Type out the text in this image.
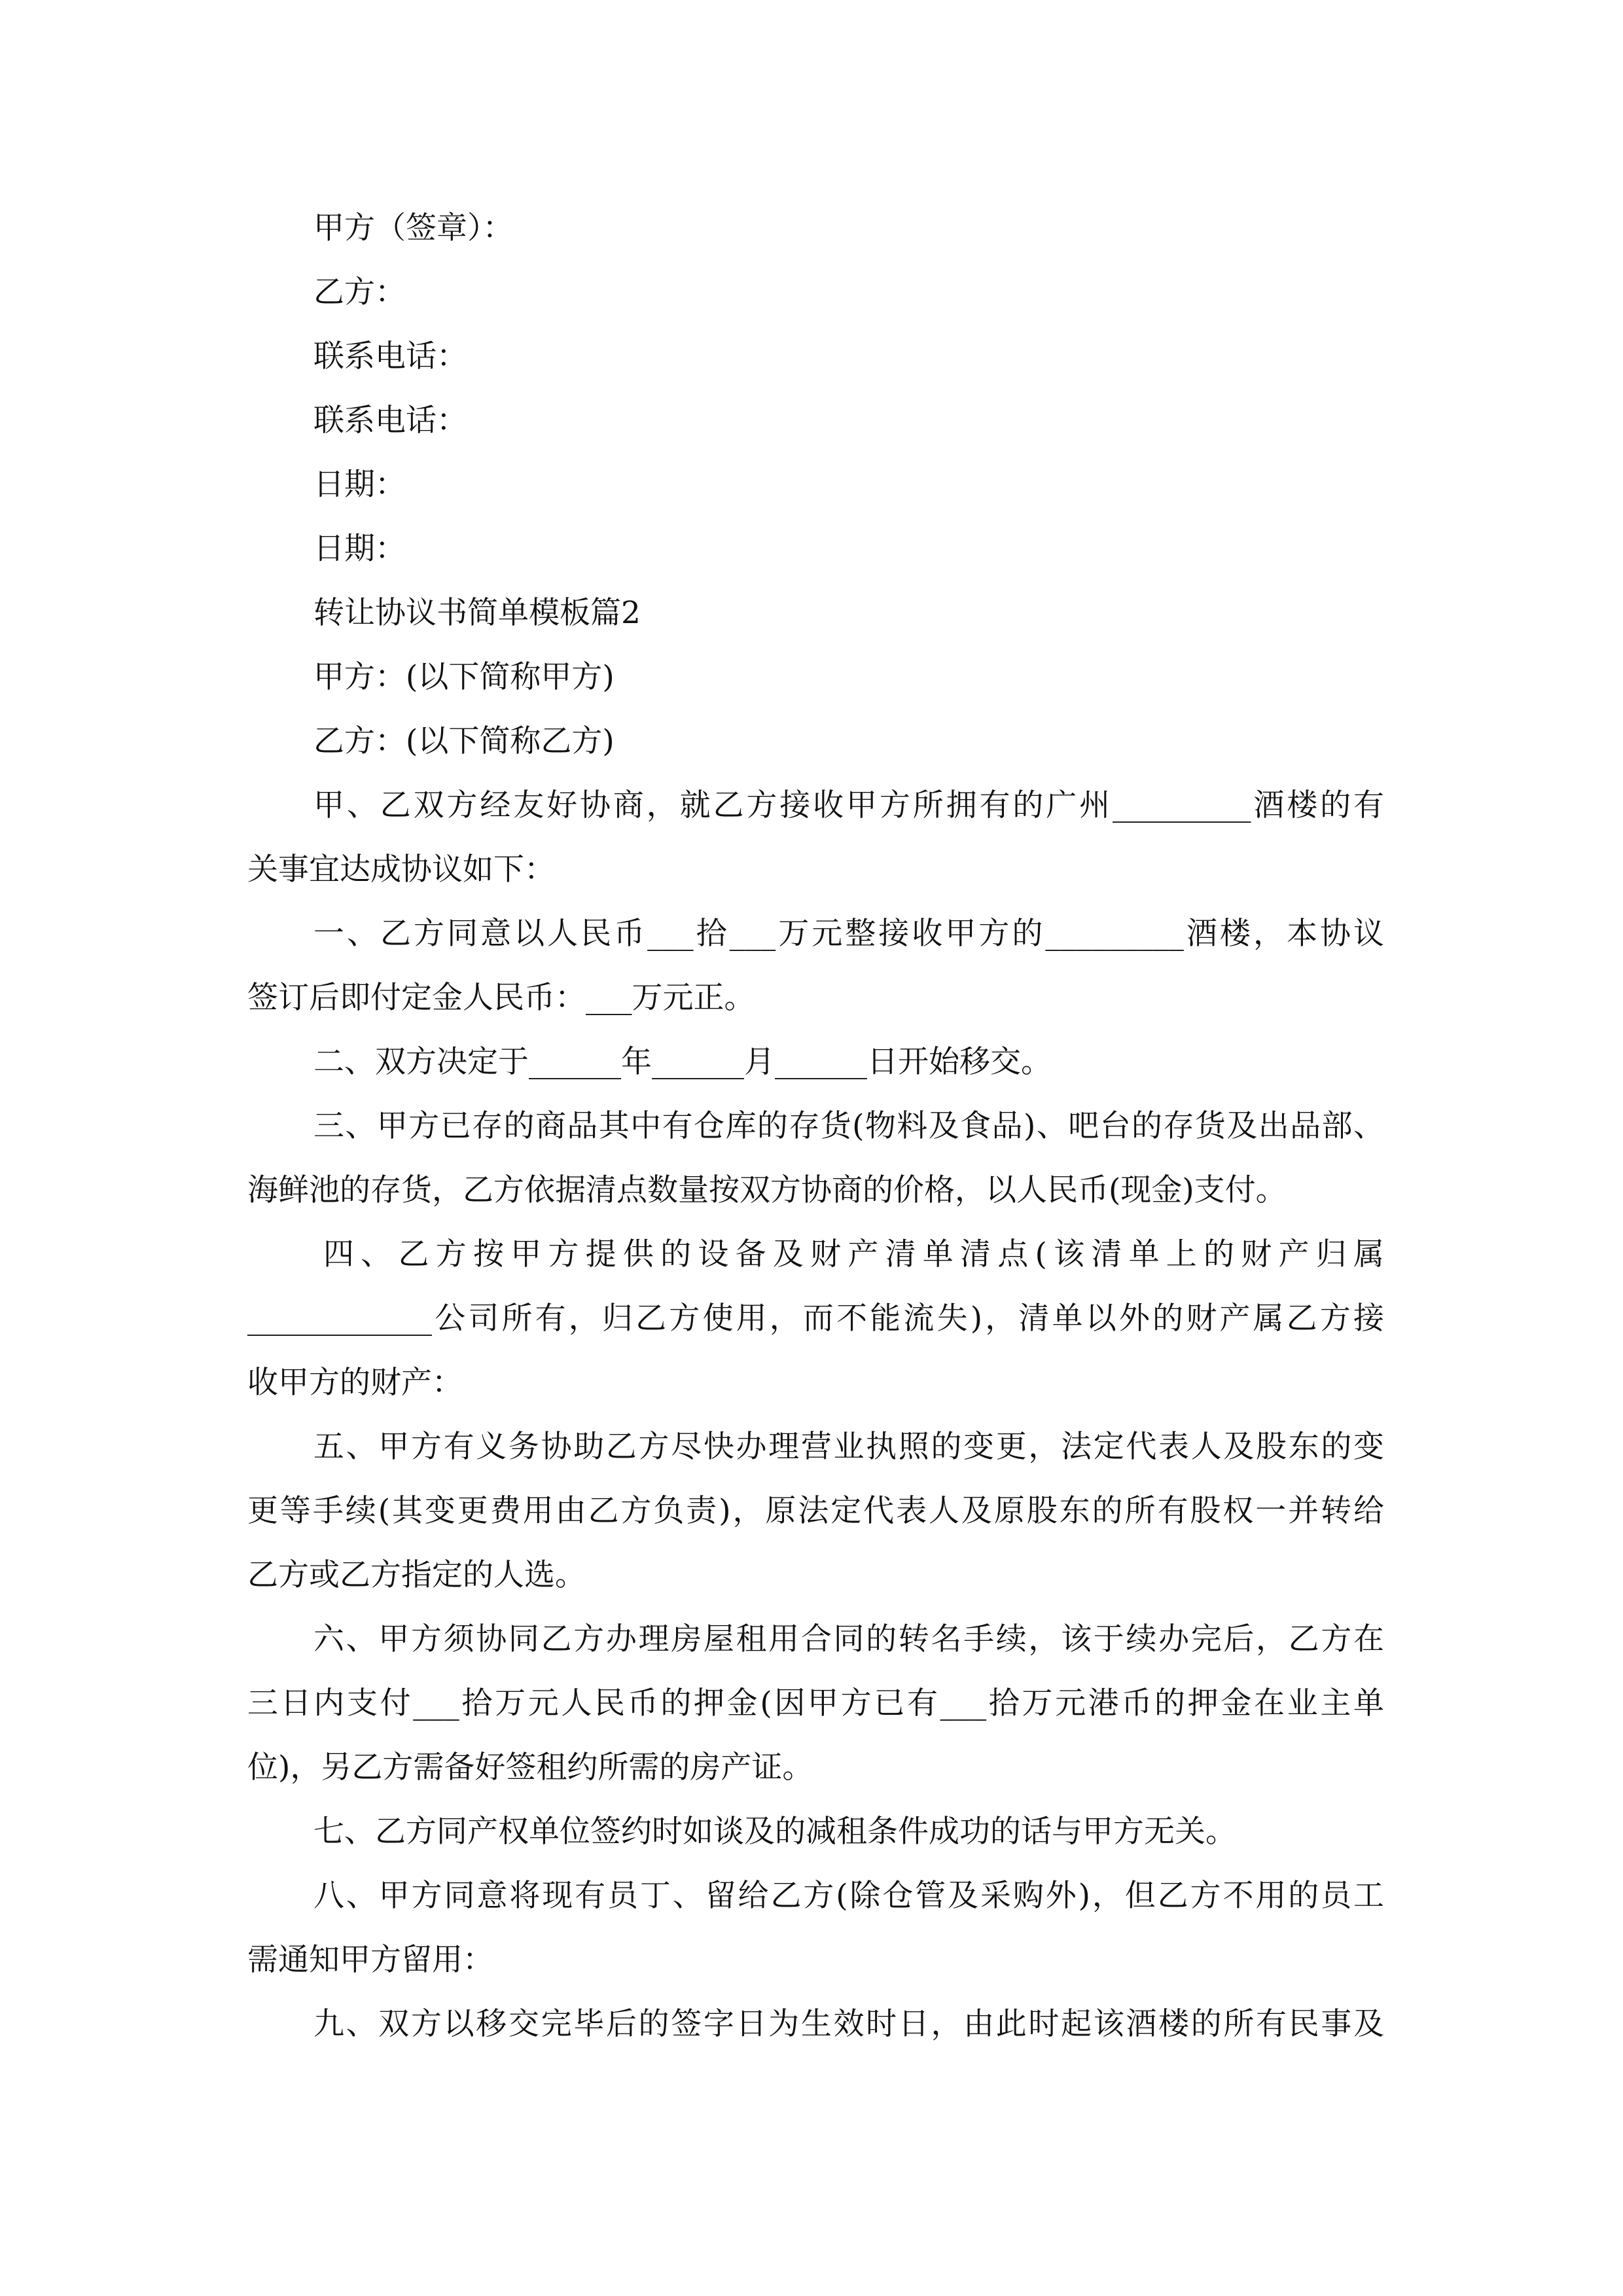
甲方（签章）：
乙方：
联系电话：
联系电话：
日期：
日期：
转让协议书简单模板篇2
甲方：(以下简称甲方)
乙方：(以下简称乙方)
甲、乙双方经友好协商，就乙方接收甲方所拥有的广州_________酒楼的有
关事宜达成协议如下：
一、乙方同意以人民币___拾___万元整接收甲方的_________酒楼，本协议
签订后即付定金人民币：___万元正。
二、双方决定于______年______月______日开始移交。
三、甲方已存的商品其中有仓库的存货(物料及食品)、吧台的存货及出品部、
海鲜池的存货，乙方依据清点数量按双方协商的价格，以人民币(现金)支付。
四、乙方按甲方提供的设备及财产清单清点(该清单上的财产归属
____________公司所有，归乙方使用，而不能流失)，清单以外的财产属乙方接
收甲方的财产：
五、甲方有义务协助乙方尽快办理营业执照的变更，法定代表人及股东的变
更等手续(其变更费用由乙方负责)，原法定代表人及原股东的所有股权一并转给
乙方或乙方指定的人选。
六、甲方须协同乙方办理房屋租用合同的转名手续，该于续办完后，乙方在
三日内支付___拾万元人民币的押金(因甲方已有___拾万元港币的押金在业主单
位)，另乙方需备好签租约所需的房产证。
七、乙方同产权单位签约时如谈及的减租条件成功的话与甲方无关。
八、甲方同意将现有员丁、留给乙方(除仓管及采购外)，但乙方不用的员工
需通知甲方留用：
九、双方以移交完毕后的签字日为生效时日，由此时起该酒楼的所有民事及
